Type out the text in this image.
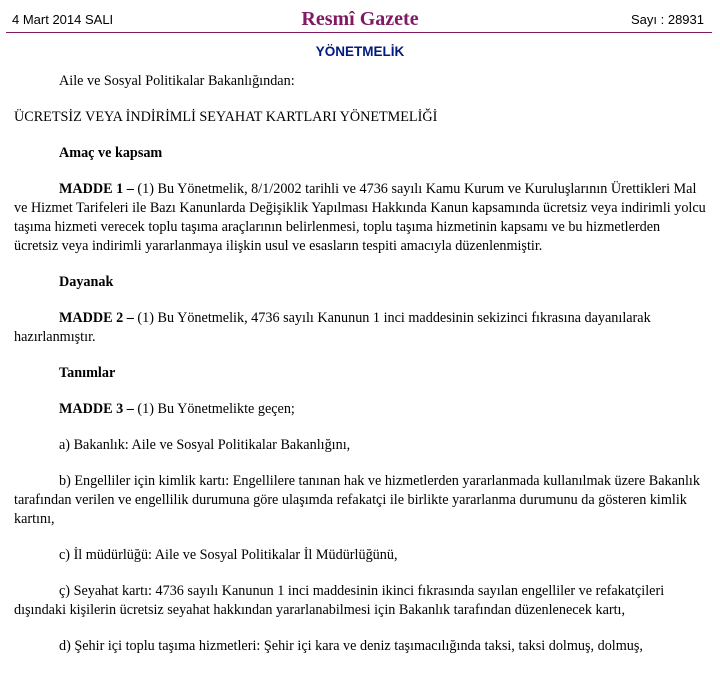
4 Mart 2014 SALI	Resmî Gazete	Sayı : 28931
YÖNETMELİK

Aile ve Sosyal Politikalar Bakanlığından:

ÜCRETSİZ VEYA İNDİRİMLİ SEYAHAT KARTLARI YÖNETMELİĞİ

Amaç ve kapsam

MADDE 1 – (1) Bu Yönetmelik, 8/1/2002 tarihli ve 4736 sayılı Kamu Kurum ve Kuruluşlarının Ürettikleri Mal ve Hizmet Tarifeleri ile Bazı Kanunlarda Değişiklik Yapılması Hakkında Kanun kapsamında ücretsiz veya indirimli yolcu taşıma hizmeti verecek toplu taşıma araçlarının belirlenmesi, toplu taşıma hizmetinin kapsamı ve bu hizmetlerden ücretsiz veya indirimli yararlanmaya ilişkin usul ve esasların tespiti amacıyla düzenlenmiştir.

Dayanak

MADDE 2 – (1) Bu Yönetmelik, 4736 sayılı Kanunun 1 inci maddesinin sekizinci fıkrasına dayanılarak hazırlanmıştır.

Tanımlar

MADDE 3 – (1) Bu Yönetmelikte geçen;

a) Bakanlık: Aile ve Sosyal Politikalar Bakanlığını,

b) Engelliler için kimlik kartı: Engellilere tanınan hak ve hizmetlerden yararlanmada kullanılmak üzere Bakanlık tarafından verilen ve engellilik durumuna göre ulaşımda refakatçi ile birlikte yararlanma durumunu da gösteren kimlik kartını,

c) İl müdürlüğü: Aile ve Sosyal Politikalar İl Müdürlüğünü,

ç) Seyahat kartı: 4736 sayılı Kanunun 1 inci maddesinin ikinci fıkrasında sayılan engelliler ve refakatçileri dışındaki kişilerin ücretsiz seyahat hakkından yararlanabilmesi için Bakanlık tarafından düzenlenecek kartı,

d) Şehir içi toplu taşıma hizmetleri: Şehir içi kara ve deniz taşımacılığında taksi, taksi dolmuş, dolmuş,
